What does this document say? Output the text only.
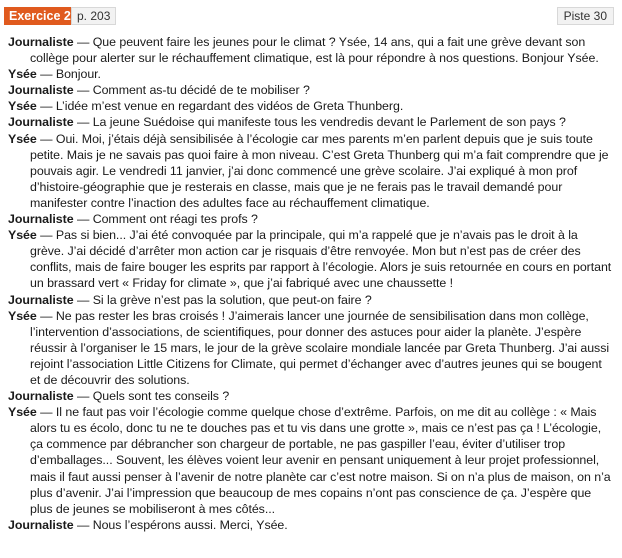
Exercice 2 p. 203	Piste 30

Journaliste — Que peuvent faire les jeunes pour le climat ? Ysée, 14 ans, qui a fait une grève devant son collège pour alerter sur le réchauffement climatique, est là pour répondre à nos questions. Bonjour Ysée.

Ysée — Bonjour.

Journaliste — Comment as-tu décidé de te mobiliser ?

Ysée — L’idée m’est venue en regardant des vidéos de Greta Thunberg.

Journaliste — La jeune Suédoise qui manifeste tous les vendredis devant le Parlement de son pays ?

Ysée — Oui. Moi, j’étais déjà sensibilisée à l’écologie car mes parents m’en parlent depuis que je suis toute petite. Mais je ne savais pas quoi faire à mon niveau. C’est Greta Thunberg qui m’a fait comprendre que je pouvais agir. Le vendredi 11 janvier, j’ai donc commencé une grève scolaire. J’ai expliqué à mon prof d’histoire-géographie que je resterais en classe, mais que je ne ferais pas le travail demandé pour manifester contre l’inaction des adultes face au réchauffement climatique.

Journaliste — Comment ont réagi tes profs ?

Ysée — Pas si bien... J’ai été convoquée par la principale, qui m’a rappelé que je n’avais pas le droit à la grève. J’ai décidé d’arrêter mon action car je risquais d’être renvoyée. Mon but n’est pas de créer des conflits, mais de faire bouger les esprits par rapport à l’écologie. Alors je suis retournée en cours en portant un brassard vert « Friday for climate », que j’ai fabriqué avec une chaussette !

Journaliste — Si la grève n’est pas la solution, que peut-on faire ?

Ysée — Ne pas rester les bras croisés ! J’aimerais lancer une journée de sensibilisation dans mon collège, l’intervention d’associations, de scientifiques, pour donner des astuces pour aider la planète. J’espère réussir à l’organiser le 15 mars, le jour de la grève scolaire mondiale lancée par Greta Thunberg. J’ai aussi rejoint l’association Little Citizens for Climate, qui permet d’échanger avec d’autres jeunes qui se bougent et de découvrir des solutions.

Journaliste — Quels sont tes conseils ?

Ysée — Il ne faut pas voir l’écologie comme quelque chose d’extrême. Parfois, on me dit au collège : « Mais alors tu es écolo, donc tu ne te douches pas et tu vis dans une grotte », mais ce n’est pas ça ! L’écologie, ça commence par débrancher son chargeur de portable, ne pas gaspiller l’eau, éviter d’utiliser trop d’emballages... Souvent, les élèves voient leur avenir en pensant uniquement à leur projet professionnel, mais il faut aussi penser à l’avenir de notre planète car c’est notre maison. Si on n’a plus de maison, on n’a plus d’avenir. J’ai l’impression que beaucoup de mes copains n’ont pas conscience de ça. J’espère que plus de jeunes se mobiliseront à mes côtés...

Journaliste — Nous l’espérons aussi. Merci, Ysée.
